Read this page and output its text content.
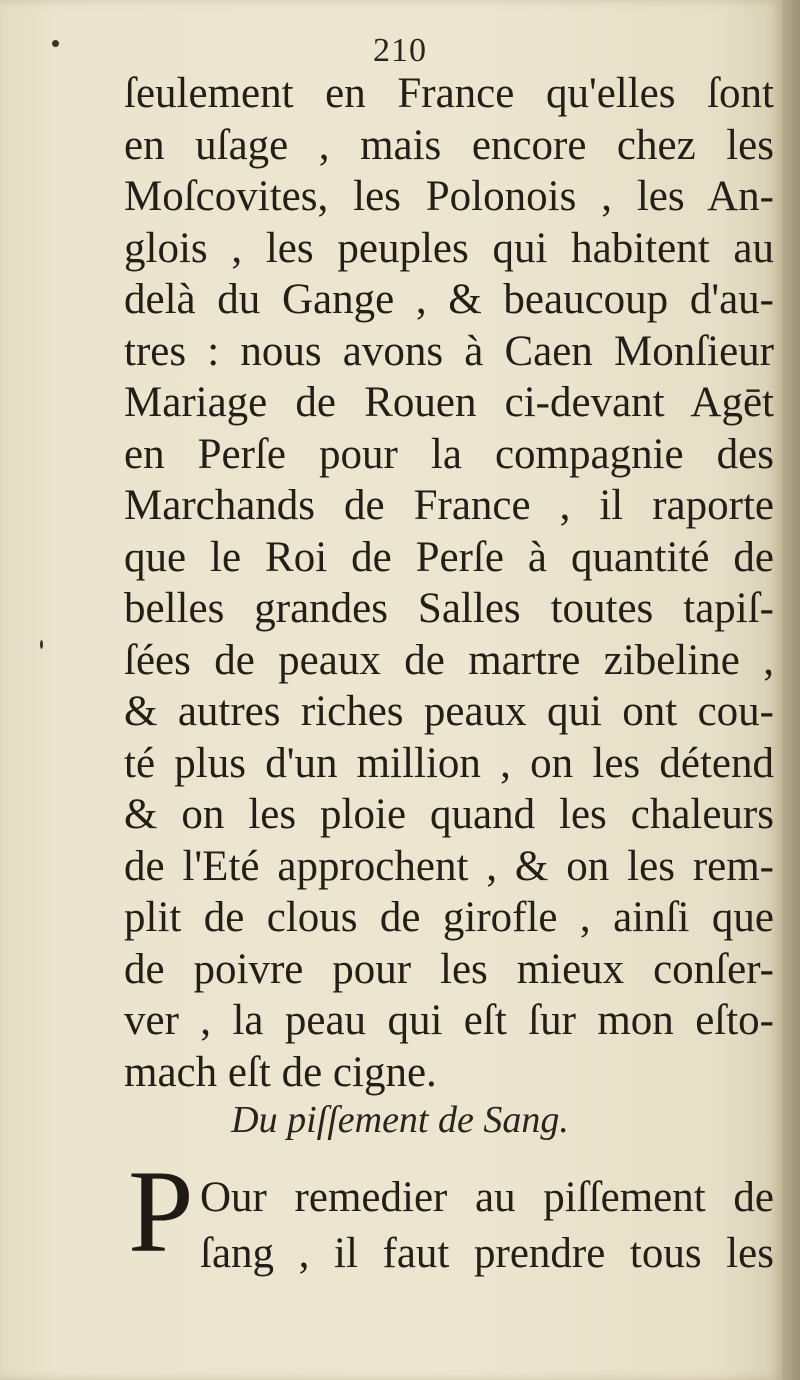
210
ſeulement en France qu'elles ſont
en uſage , mais encore chez les
Moſcovites, les Polonois , les An-
glois , les peuples qui habitent au
delà du Gange , & beaucoup d'au-
tres : nous avons à Caen Monſieur
Mariage de Rouen ci-devant Agēt
en Perſe pour la compagnie des
Marchands de France , il raporte
que le Roi de Perſe à quantité de
belles grandes Salles toutes tapiſ-
ſées de peaux de martre zibeline ,
& autres riches peaux qui ont cou-
té plus d'un million , on les détend
& on les ploie quand les chaleurs
de l'Eté approchent , & on les rem-
plit de clous de girofle , ainſi que
de poivre pour les mieux conſer-
ver , la peau qui eſt ſur mon eſto-
mach eſt de cigne.
Du piſſement de Sang.
P Our remedier au piſſement de
ſang , il faut prendre tous les
